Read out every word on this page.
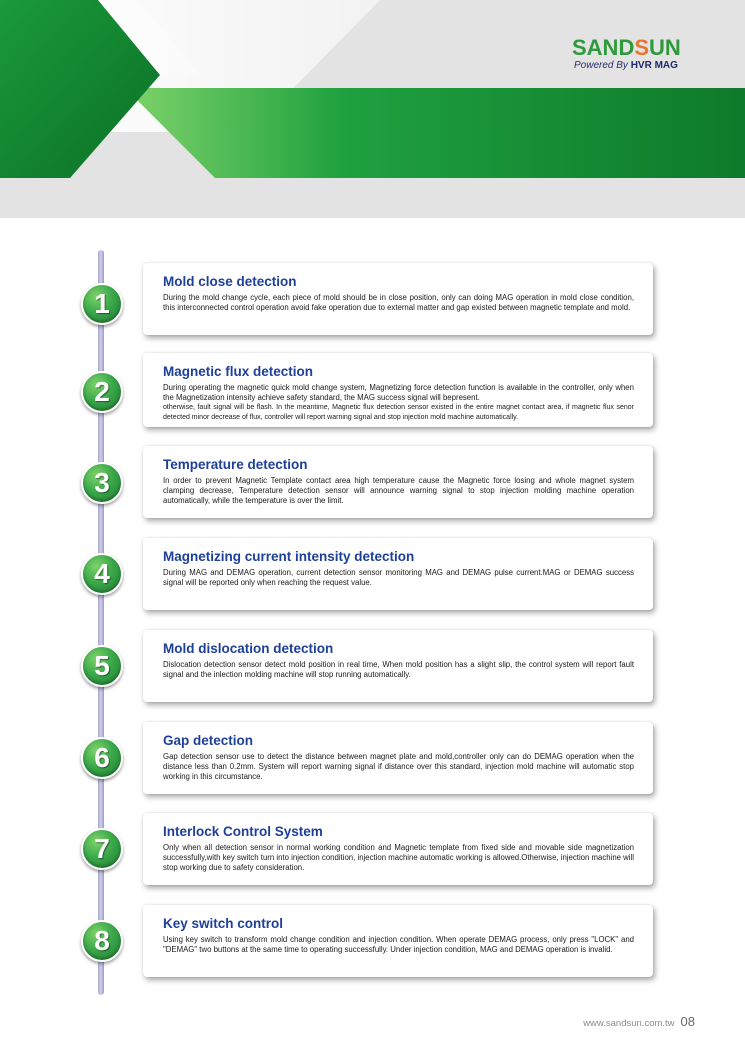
SANDSUN
Powered By HVR MAG
1
Mold close detection

During the mold change cycle, each piece of mold should be in close position, only can doing MAG operation in mold close condition, this interconnected control operation avoid fake operation due to external matter and gap existed between magnetic template and mold.

2
Magnetic flux detection

During operating the magnetic quick mold change system, Magnetizing force detection function is available in the controller, only when the Magnetization intensity achieve safety standard, the MAG success signal will bepresent.

otherwise, fault signal will be flash. In the meantime, Magnetic flux detection sensor existed in the entire magnet contact area, if magnetic flux senor detected minor decrease of flux, controller will report warning signal and stop injection mold machine automatically.

3
Temperature detection

In order to prevent Magnetic Template contact area high temperature cause the Magnetic force losing and whole magnet system clamping decrease, Temperature detection sensor will announce warning signal to stop injection molding machine operation automatically, while the temperature is over the limit.

4
Magnetizing current intensity detection

During MAG and DEMAG operation, current detection sensor monitoring MAG and DEMAG pulse current.MAG or DEMAG success signal will be reported only when reaching the request value.

5
Mold dislocation detection

Dislocation detection sensor detect mold position in real time, When mold position has a slight slip, the control system will report fault signal and the inlection molding machine will stop running automatically.

6
Gap detection

Gap detection sensor use to detect the distance between magnet plate and mold,controller only can do DEMAG operation when the distance less than 0.2mm. System will report warning signal if distance over this standard, injection mold machine will automatic stop working in this circumstance.

7
Interlock Control System

Only when all detection sensor in normal working condition and Magnetic template from fixed side and movable side magnetization successfully,with key switch turn into injection condition, injection machine automatic working is allowed.Otherwise, injection machine will stop working due to safety consideration.

8
Key switch control

Using key switch to transform mold change condition and injection condition. When operate DEMAG process, only press "LOCK" and "DEMAG" two buttons at the same time to operating successfully. Under injection condition, MAG and DEMAG operation is invalid.

www.sandsun.com.tw 08
